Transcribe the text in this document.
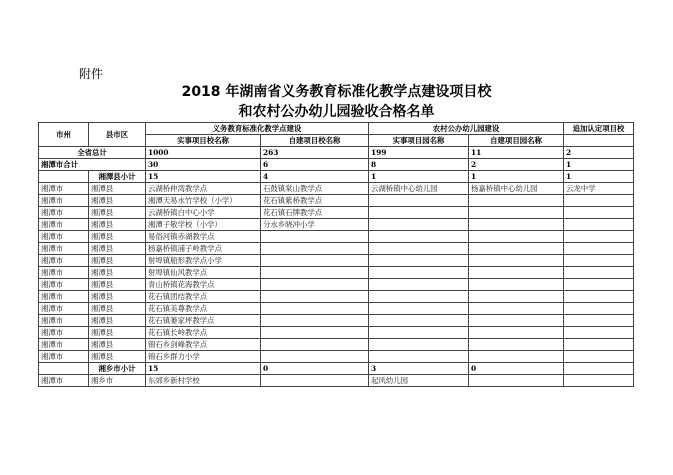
附件
2018 年湖南省义务教育标准化教学点建设项目校
和农村公办幼儿园验收合格名单
市州	县市区	义务教育标准化教学点建设		农村公办幼儿园建设		追加认定项目校
		实事项目校名称	自建项目校名称	实事项目园名称	自建项目园名称	
全省总计		1000	263	199	11	2
湘潭市合计		30	6	8	2	1
	湘潭县小计	15	4	1	1	1
湘潭市	湘潭县	云湖桥仲湾教学点	石鼓镇棠山教学点	云湖桥镇中心幼儿园	杨嘉桥镇中心幼儿园	云龙中学
湘潭市	湘潭县	湘潭天易水竹学校（小学）	花石镇紫桥教学点			
湘潭市	湘潭县	云湖桥镇白中心小学	花石镇石牌教学点			
湘潭市	湘潭县	湘潭子敬学校（小学）	分水乡晓冲小学			
湘潭市	湘潭县	易俗河镇赤湖教学点				
湘潭市	湘潭县	杨嘉桥镇浦子岭教学点				
湘潭市	湘潭县	射埠镇船形教学点小学				
湘潭市	湘潭县	射埠镇仙风教学点				
湘潭市	湘潭县	青山桥镇花海教学点				
湘潭市	湘潭县	花石镇团结教学点				
湘潭市	湘潭县	花石镇美尊教学点				
湘潭市	湘潭县	花石镇蒌家坪教学点				
湘潭市	湘潭县	花石镇长岭教学点				
湘潭市	湘潭县	锦石乡剑峰教学点				
湘潭市	湘潭县	锦石乡群力小学				
	湘乡市小计	15	0	3	0	
湘潭市	湘乡市	东郊乡新村学校		起风幼儿园		
